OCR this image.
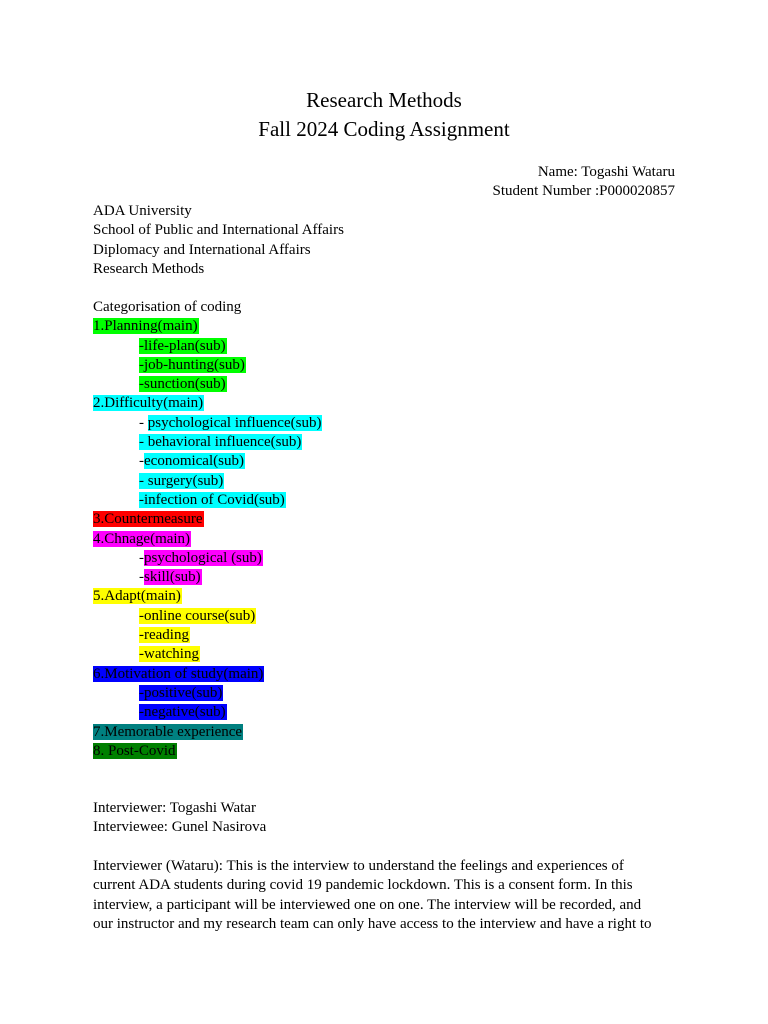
Research Methods
Fall 2024 Coding Assignment
Name: Togashi Wataru
Student Number :P000020857
ADA University
School of Public and International Affairs
Diplomacy and International Affairs
Research Methods
Categorisation of coding
1.Planning(main)
-life-plan(sub)
-job-hunting(sub)
-sunction(sub)
2.Difficulty(main)
- psychological influence(sub)
- behavioral influence(sub)
-economical(sub)
- surgery(sub)
-infection of Covid(sub)
3.Countermeasure
4.Chnage(main)
-psychological (sub)
-skill(sub)
5.Adapt(main)
-online course(sub)
-reading
-watching
6.Motivation of study(main)
-positive(sub)
-negative(sub)
7.Memorable experience
8. Post-Covid
Interviewer: Togashi Watar
Interviewee: Gunel Nasirova
Interviewer (Wataru): This is the interview to understand the feelings and experiences of
current ADA students during covid 19 pandemic lockdown. This is a consent form. In this
interview, a participant will be interviewed one on one. The interview will be recorded, and
our instructor and my research team can only have access to the interview and have a right to
